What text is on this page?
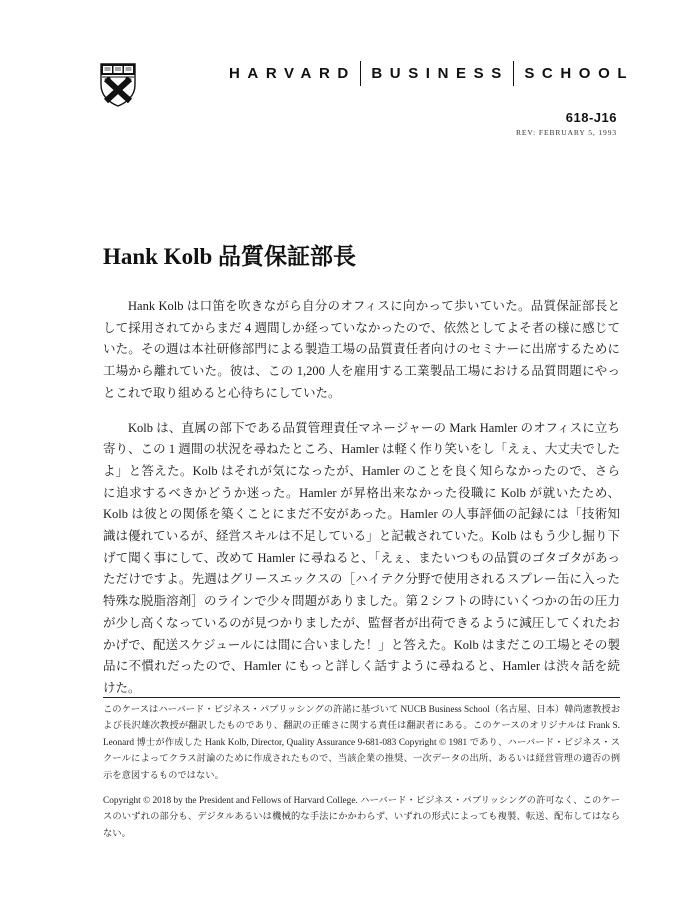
HARVARD BUSINESS SCHOOL
618-J16
REV: FEBRUARY 5, 1993
Hank Kolb 品質保証部長

Hank Kolb は口笛を吹きながら自分のオフィスに向かって歩いていた。品質保証部長として採用されてからまだ 4 週間しか経っていなかったので、依然としてよそ者の様に感じていた。その週は本社研修部門による製造工場の品質責任者向けのセミナーに出席するために工場から離れていた。彼は、この 1,200 人を雇用する工業製品工場における品質問題にやっとこれで取り組めると心待ちにしていた。

Kolb は、直属の部下である品質管理責任マネージャーの Mark Hamler のオフィスに立ち寄り、この 1 週間の状況を尋ねたところ、Hamler は軽く作り笑いをし「えぇ、大丈夫でしたよ」と答えた。Kolb はそれが気になったが、Hamler のことを良く知らなかったので、さらに追求するべきかどうか迷った。Hamler が昇格出来なかった役職に Kolb が就いたため、Kolb は彼との関係を築くことにまだ不安があった。Hamler の人事評価の記録には「技術知識は優れているが、経営スキルは不足している」と記載されていた。Kolb はもう少し掘り下げて聞く事にして、改めて Hamler に尋ねると、「えぇ、またいつもの品質のゴタゴタがあっただけですよ。先週はグリースエックスの［ハイテク分野で使用されるスプレー缶に入った特殊な脱脂溶剤］のラインで少々問題がありました。第２シフトの時にいくつかの缶の圧力が少し高くなっているのが見つかりましたが、監督者が出荷できるように減圧してくれたおかげで、配送スケジュールには間に合いました！」と答えた。Kolb はまだこの工場とその製品に不慣れだったので、Hamler にもっと詳しく話すように尋ねると、Hamler は渋々話を続けた。

このケースはハーバード・ビジネス・パブリッシングの許諾に基づいて NUCB Business School（名古屋、日本）韓尚憲教授および長沢雄次教授が翻訳したものであり、翻訳の正確さに関する責任は翻訳者にある。このケースのオリジナルは Frank S. Leonard 博士が作成した Hank Kolb, Director, Quality Assurance 9-681-083 Copyright © 1981 であり、ハーバード・ビジネス・スクールによってクラス討論のために作成されたもので、当該企業の推奨、一次データの出所、あるいは経営管理の適否の例示を意図するものではない。

Copyright © 2018 by the President and Fellows of Harvard College. ハーバード・ビジネス・パブリッシングの許可なく、このケースのいずれの部分も、デジタルあるいは機械的な手法にかかわらず、いずれの形式によっても複製、転送、配布してはならない。
